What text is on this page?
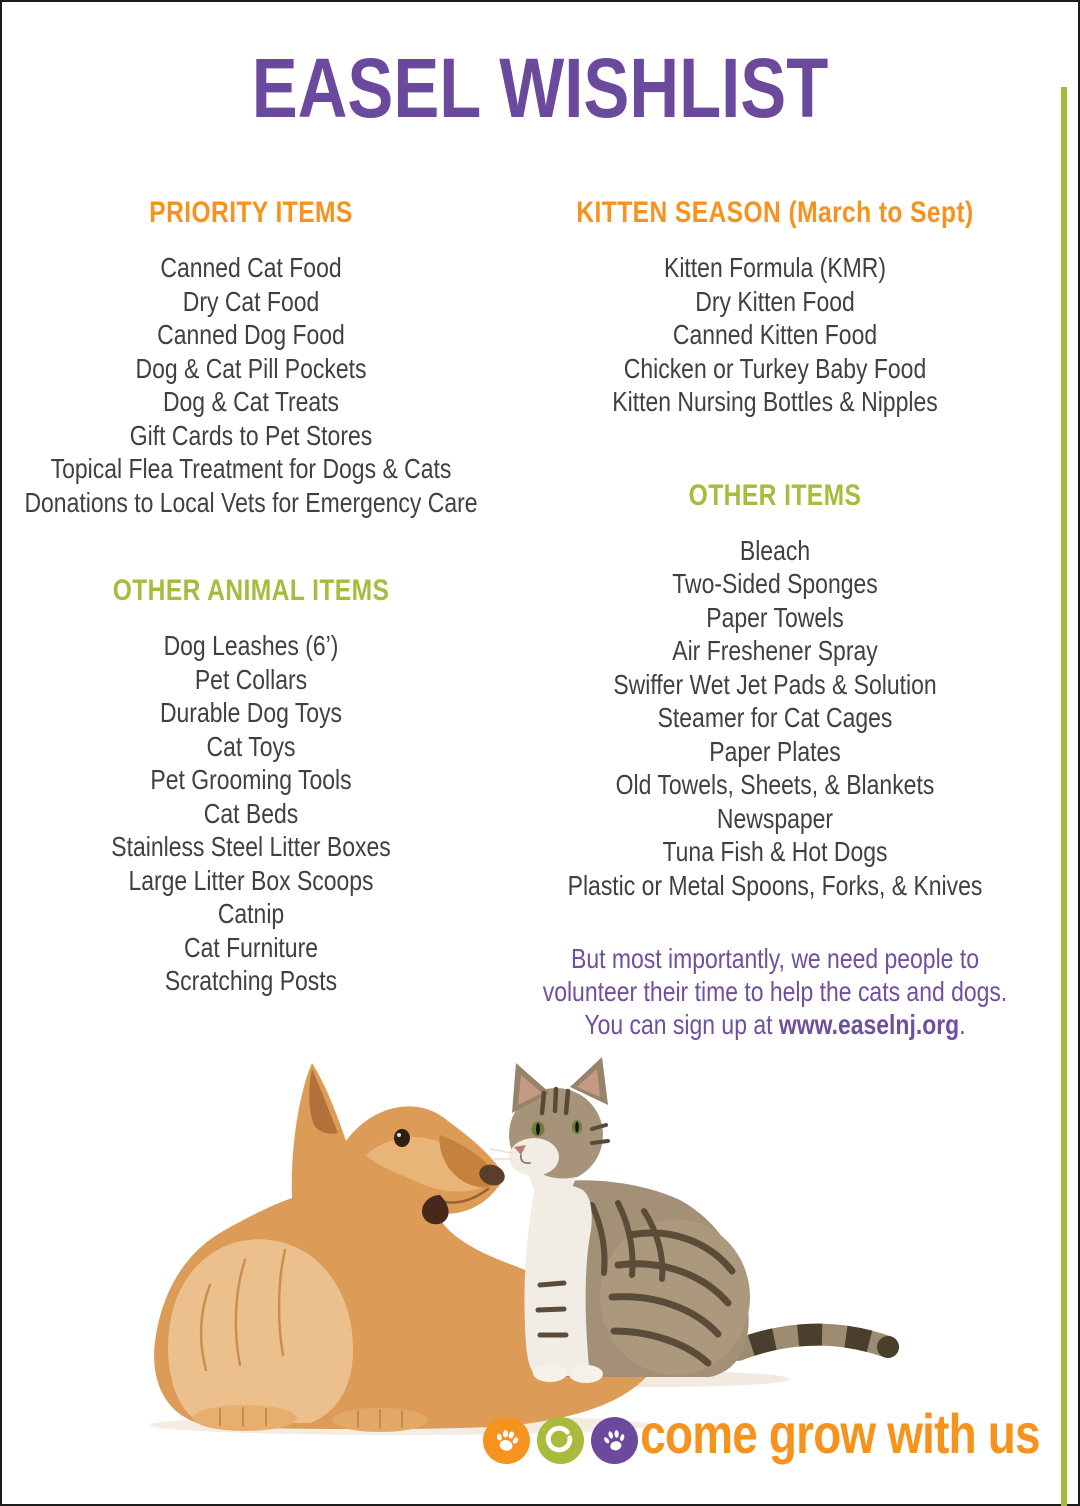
EASEL WISHLIST
PRIORITY ITEMS
Canned Cat Food
Dry Cat Food
Canned Dog Food
Dog & Cat Pill Pockets
Dog & Cat Treats
Gift Cards to Pet Stores
Topical Flea Treatment for Dogs & Cats
Donations to Local Vets for Emergency Care
OTHER ANIMAL ITEMS
Dog Leashes (6’)
Pet Collars
Durable Dog Toys
Cat Toys
Pet Grooming Tools
Cat Beds
Stainless Steel Litter Boxes
Large Litter Box Scoops
Catnip
Cat Furniture
Scratching Posts
KITTEN SEASON (March to Sept)
Kitten Formula (KMR)
Dry Kitten Food
Canned Kitten Food
Chicken or Turkey Baby Food
Kitten Nursing Bottles & Nipples
OTHER ITEMS
Bleach
Two-Sided Sponges
Paper Towels
Air Freshener Spray
Swiffer Wet Jet Pads & Solution
Steamer for Cat Cages
Paper Plates
Old Towels, Sheets, & Blankets
Newspaper
Tuna Fish & Hot Dogs
Plastic or Metal Spoons, Forks, & Knives
But most importantly, we need people to
volunteer their time to help the cats and dogs.
You can sign up at www.easelnj.org.

come grow with us
